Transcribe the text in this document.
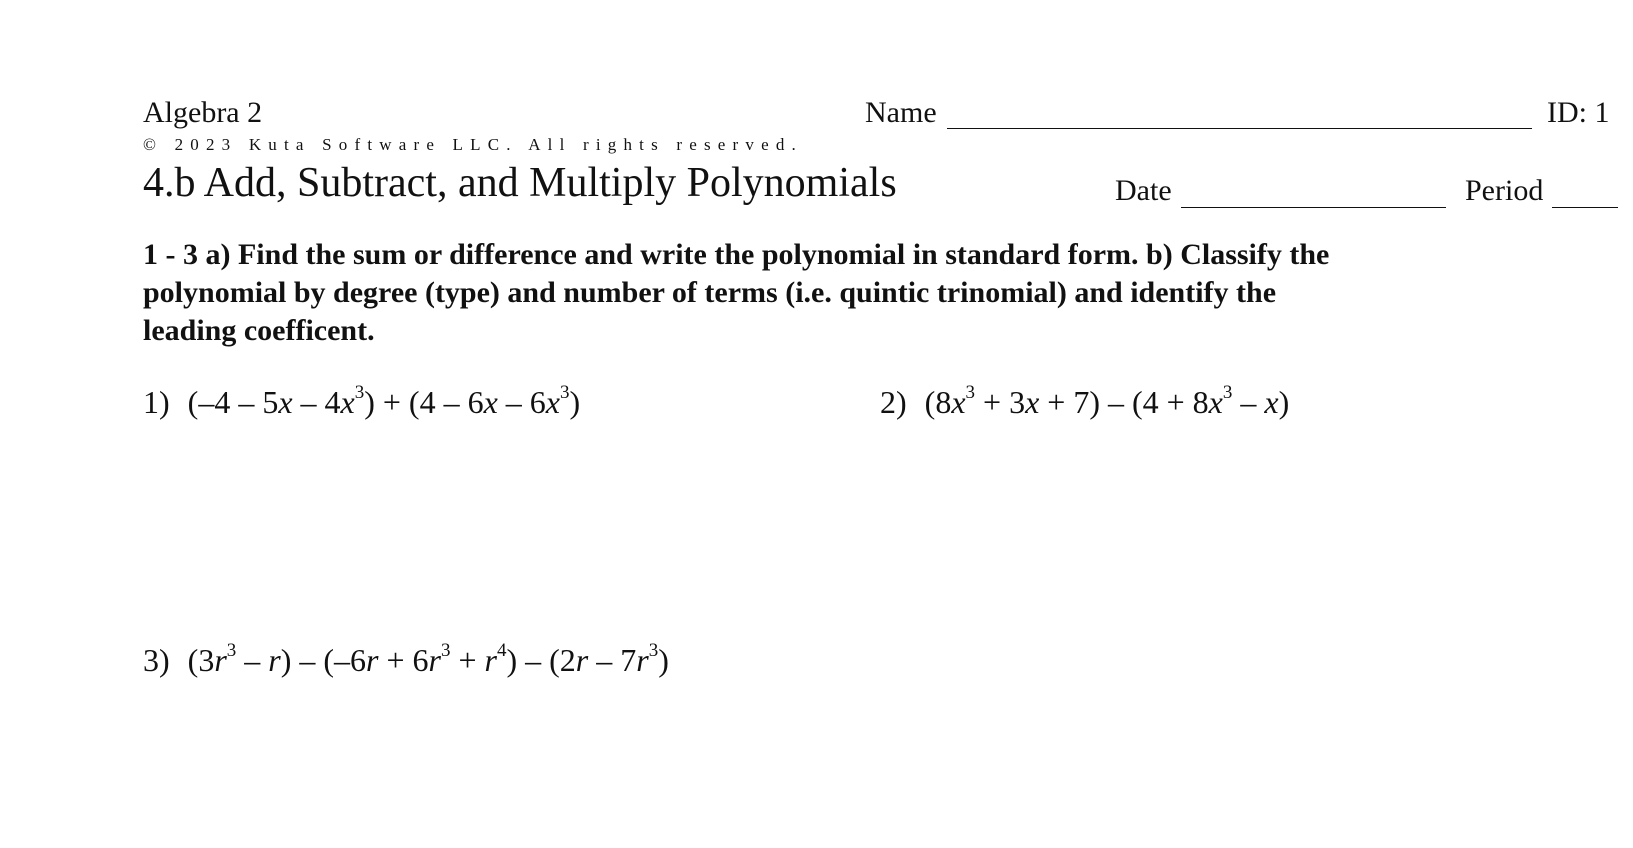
Algebra 2	Name	ID: 1
© 2023 Kuta Software LLC. All rights reserved.
4.b Add, Subtract, and Multiply Polynomials	Date	Period
1 - 3 a) Find the sum or difference and write the polynomial in standard form. b) Classify the
polynomial by degree (type) and number of terms (i.e. quintic trinomial) and identify the
leading coefficent.
1) $(-4 - 5x - 4x^3) + (4 - 6x - 6x^3)$	2) $(8x^3 + 3x + 7) - (4 + 8x^3 - x)$
3) $(3r^3 - r) - (-6r + 6r^3 + r^4) - (2r - 7r^3)$
